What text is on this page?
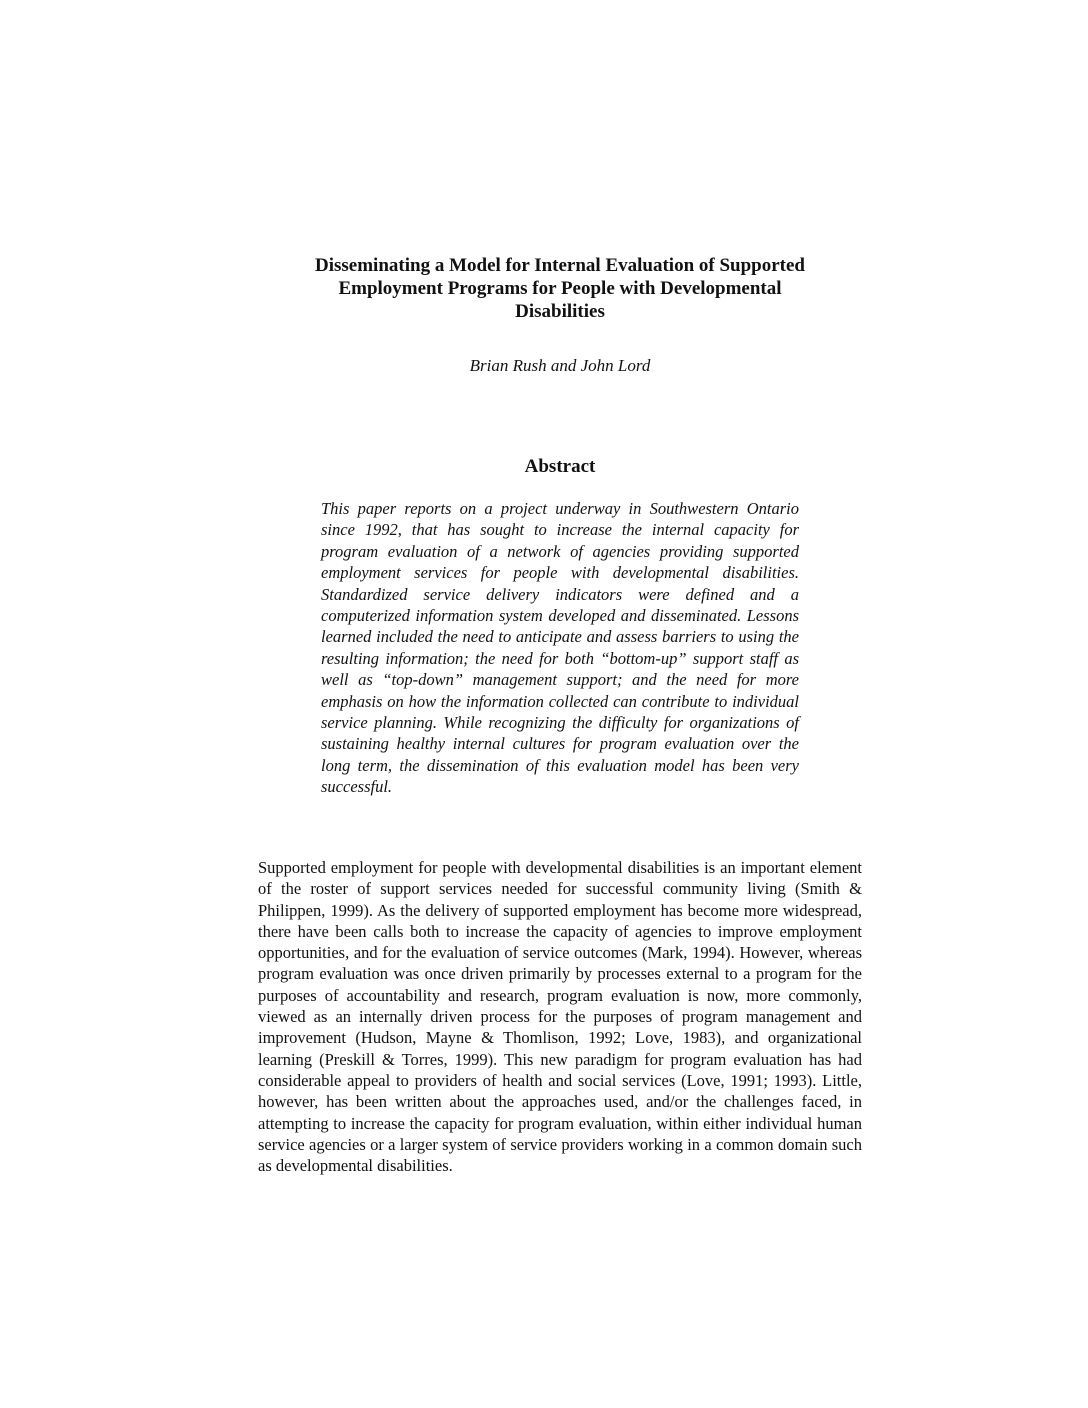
Disseminating a Model for Internal Evaluation of Supported
Employment Programs for People with Developmental
Disabilities

Brian Rush and John Lord

Abstract

This paper reports on a project underway in Southwestern Ontario since 1992, that has sought to increase the internal capacity for program evaluation of a network of agencies providing supported employment services for people with developmental disabilities. Standardized service delivery indicators were defined and a computerized information system developed and disseminated. Lessons learned included the need to anticipate and assess barriers to using the resulting information; the need for both “bottom-up” support staff as well as “top-down” management support; and the need for more emphasis on how the information collected can contribute to individual service planning. While recognizing the difficulty for organizations of sustaining healthy internal cultures for program evaluation over the long term, the dissemination of this evaluation model has been very successful.

Supported employment for people with developmental disabilities is an important element of the roster of support services needed for successful community living (Smith & Philippen, 1999). As the delivery of supported employment has become more widespread, there have been calls both to increase the capacity of agencies to improve employment opportunities, and for the evaluation of service outcomes (Mark, 1994). However, whereas program evaluation was once driven primarily by processes external to a program for the purposes of accountability and research, program evaluation is now, more commonly, viewed as an internally driven process for the purposes of program management and improvement (Hudson, Mayne & Thomlison, 1992; Love, 1983), and organizational learning (Preskill & Torres, 1999). This new paradigm for program evaluation has had considerable appeal to providers of health and social services (Love, 1991; 1993). Little, however, has been written about the approaches used, and/or the challenges faced, in attempting to increase the capacity for program evaluation, within either individual human service agencies or a larger system of service providers working in a common domain such as developmental disabilities.
